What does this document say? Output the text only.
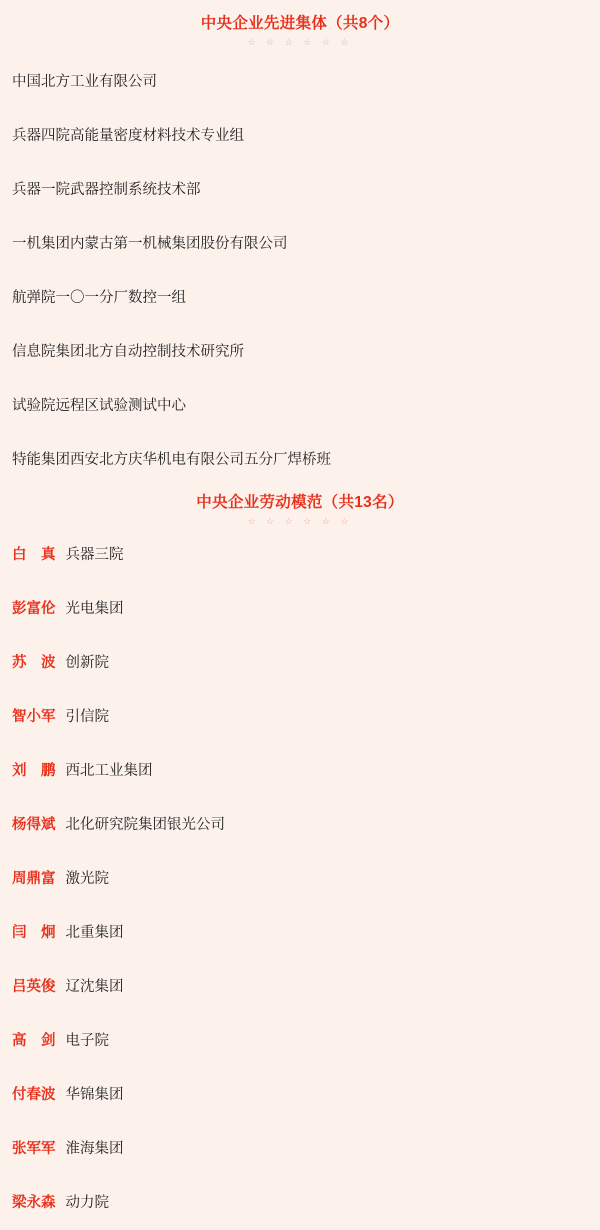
中央企业先进集体（共8个）
☆ ☆ ☆ ☆ ☆ ☆
中国北方工业有限公司
兵器四院高能量密度材料技术专业组
兵器一院武器控制系统技术部
一机集团内蒙古第一机械集团股份有限公司
航弹院一〇一分厂数控一组
信息院集团北方自动控制技术研究所
试验院远程区试验测试中心
特能集团西安北方庆华机电有限公司五分厂焊桥班
中央企业劳动模范（共13名）
☆ ☆ ☆ ☆ ☆ ☆
白　真 兵器三院
彭富伦 光电集团
苏　波 创新院
智小军 引信院
刘　鹏 西北工业集团
杨得斌 北化研究院集团银光公司
周鼎富 激光院
闫　炯 北重集团
吕英俊 辽沈集团
高　剑 电子院
付春波 华锦集团
张军军 淮海集团
梁永森 动力院
